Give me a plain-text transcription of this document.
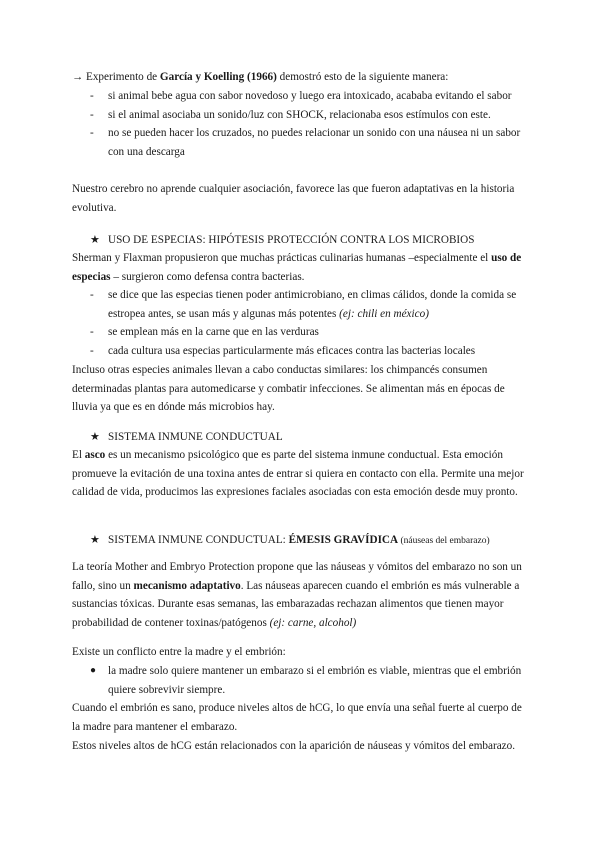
→ Experimento de García y Koelling (1966) demostró esto de la siguiente manera:

- si animal bebe agua con sabor novedoso y luego era intoxicado, acababa evitando el sabor
- si el animal asociaba un sonido/luz con SHOCK, relacionaba esos estímulos con este.
- no se pueden hacer los cruzados, no puedes relacionar un sonido con una náusea ni un sabor con una descarga

Nuestro cerebro no aprende cualquier asociación, favorece las que fueron adaptativas en la historia evolutiva.

★ USO DE ESPECIAS: HIPÓTESIS PROTECCIÓN CONTRA LOS MICROBIOS

Sherman y Flaxman propusieron que muchas prácticas culinarias humanas –especialmente el uso de especias – surgieron como defensa contra bacterias.

- se dice que las especias tienen poder antimicrobiano, en climas cálidos, donde la comida se estropea antes, se usan más y algunas más potentes (ej: chili en méxico)
- se emplean más en la carne que en las verduras
- cada cultura usa especias particularmente más eficaces contra las bacterias locales

Incluso otras especies animales llevan a cabo conductas similares: los chimpancés consumen determinadas plantas para automedicarse y combatir infecciones. Se alimentan más en épocas de lluvia ya que es en dónde más microbios hay.

★ SISTEMA INMUNE CONDUCTUAL

El asco es un mecanismo psicológico que es parte del sistema inmune conductual. Esta emoción promueve la evitación de una toxina antes de entrar si quiera en contacto con ella. Permite una mejor calidad de vida, producimos las expresiones faciales asociadas con esta emoción desde muy pronto.

★ SISTEMA INMUNE CONDUCTUAL: ÉMESIS GRAVÍDICA (náuseas del embarazo)

La teoría Mother and Embryo Protection propone que las náuseas y vómitos del embarazo no son un fallo, sino un mecanismo adaptativo. Las náuseas aparecen cuando el embrión es más vulnerable a sustancias tóxicas. Durante esas semanas, las embarazadas rechazan alimentos que tienen mayor probabilidad de contener toxinas/patógenos (ej: carne, alcohol)

Existe un conflicto entre la madre y el embrión:

● la madre solo quiere mantener un embarazo si el embrión es viable, mientras que el embrión quiere sobrevivir siempre.

Cuando el embrión es sano, produce niveles altos de hCG, lo que envía una señal fuerte al cuerpo de la madre para mantener el embarazo.

Estos niveles altos de hCG están relacionados con la aparición de náuseas y vómitos del embarazo.
